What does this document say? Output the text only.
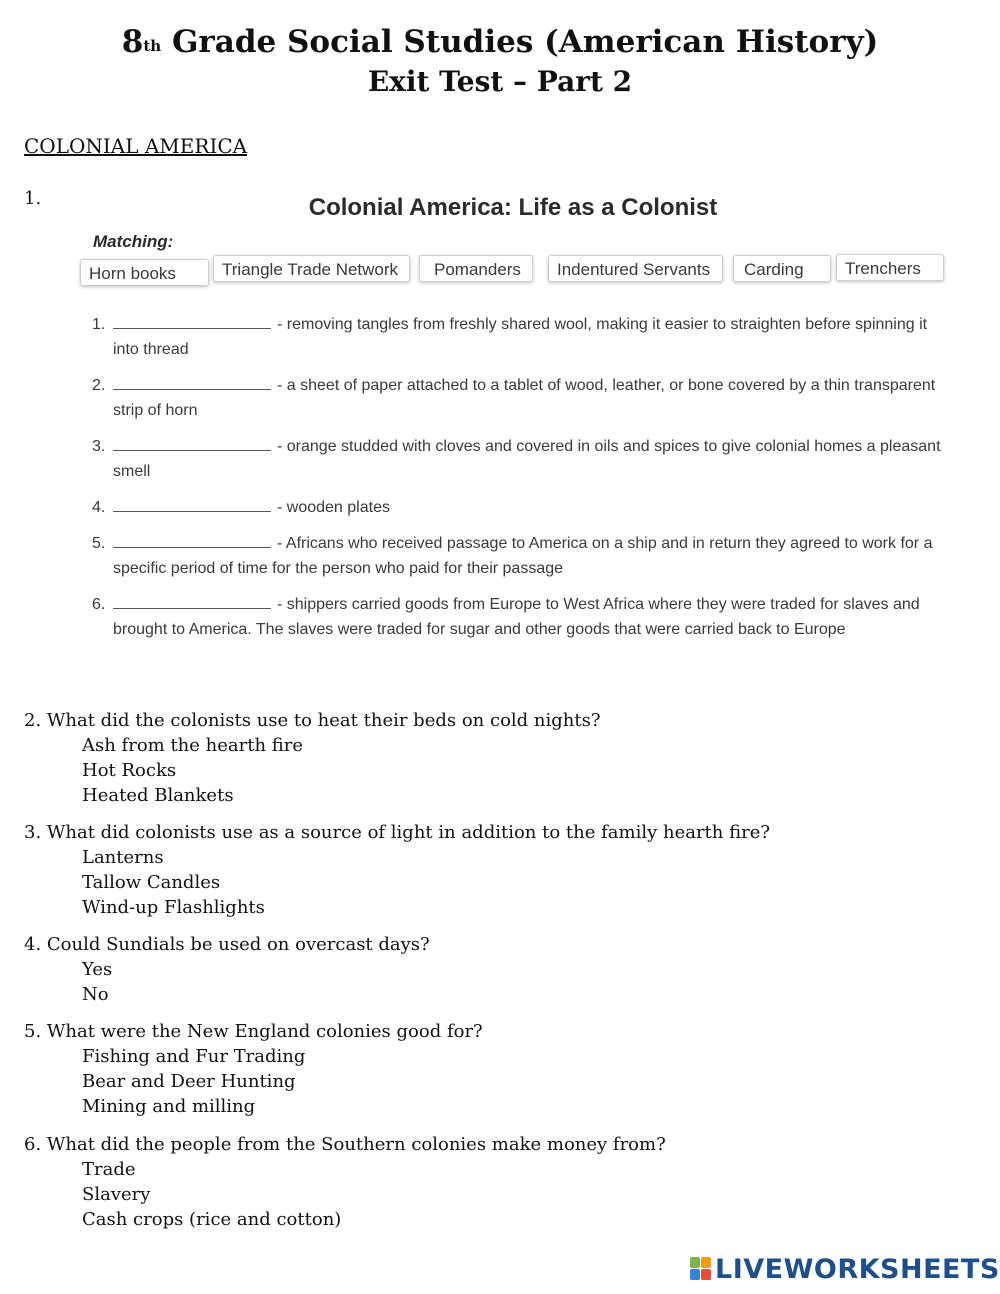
8th Grade Social Studies (American History)
Exit Test – Part 2
COLONIAL AMERICA
1.	Colonial America: Life as a Colonist
Matching:
Horn books	Triangle Trade Network	Pomanders	Indentured Servants	Carding	Trenchers
1.	- removing tangles from freshly shared wool, making it easier to straighten before spinning it into thread
2.	- a sheet of paper attached to a tablet of wood, leather, or bone covered by a thin transparent strip of horn
3.	- orange studded with cloves and covered in oils and spices to give colonial homes a pleasant smell
4.	- wooden plates
5.	- Africans who received passage to America on a ship and in return they agreed to work for a specific period of time for the person who paid for their passage
6.	- shippers carried goods from Europe to West Africa where they were traded for slaves and brought to America. The slaves were traded for sugar and other goods that were carried back to Europe
2. What did the colonists use to heat their beds on cold nights?
Ash from the hearth fire
Hot Rocks
Heated Blankets
3. What did colonists use as a source of light in addition to the family hearth fire?
Lanterns
Tallow Candles
Wind-up Flashlights
4. Could Sundials be used on overcast days?
Yes
No
5. What were the New England colonies good for?
Fishing and Fur Trading
Bear and Deer Hunting
Mining and milling
6. What did the people from the Southern colonies make money from?
Trade
Slavery
Cash crops (rice and cotton)
LIVEWORKSHEETS
